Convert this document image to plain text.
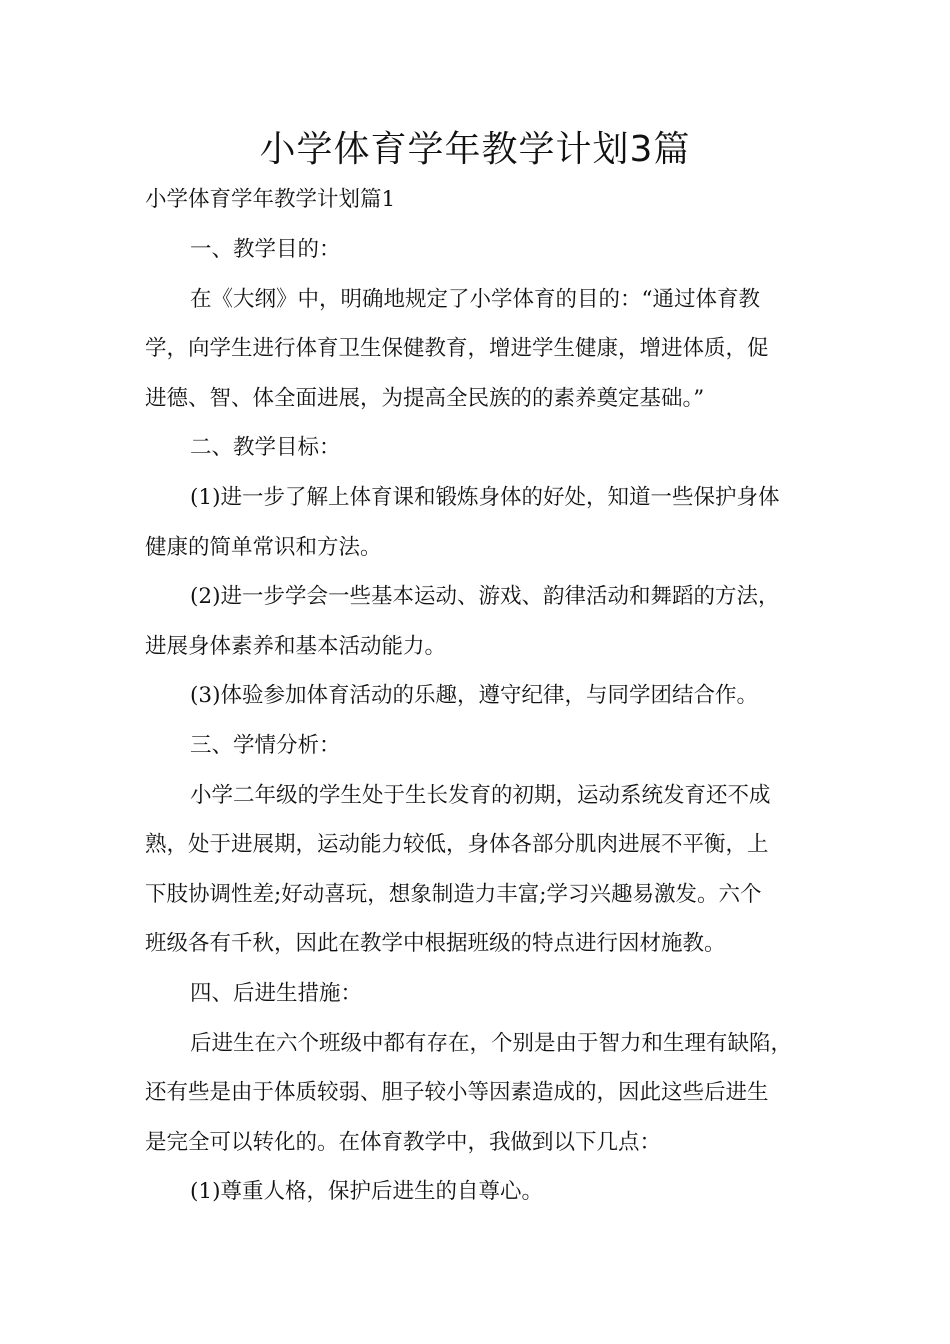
小学体育学年教学计划3篇
小学体育学年教学计划篇1
一、教学目的：
在《大纲》中，明确地规定了小学体育的目的：“通过体育教
学，向学生进行体育卫生保健教育，增进学生健康，增进体质，促
进德、智、体全面进展，为提高全民族的的素养奠定基础。”
二、教学目标：
(1)进一步了解上体育课和锻炼身体的好处，知道一些保护身体
健康的简单常识和方法。
(2)进一步学会一些基本运动、游戏、韵律活动和舞蹈的方法，
进展身体素养和基本活动能力。
(3)体验参加体育活动的乐趣，遵守纪律，与同学团结合作。
三、学情分析：
小学二年级的学生处于生长发育的初期，运动系统发育还不成
熟，处于进展期，运动能力较低，身体各部分肌肉进展不平衡，上
下肢协调性差;好动喜玩，想象制造力丰富;学习兴趣易激发。六个
班级各有千秋，因此在教学中根据班级的特点进行因材施教。
四、后进生措施：
后进生在六个班级中都有存在，个别是由于智力和生理有缺陷，
还有些是由于体质较弱、胆子较小等因素造成的，因此这些后进生
是完全可以转化的。在体育教学中，我做到以下几点：
(1)尊重人格，保护后进生的自尊心。
